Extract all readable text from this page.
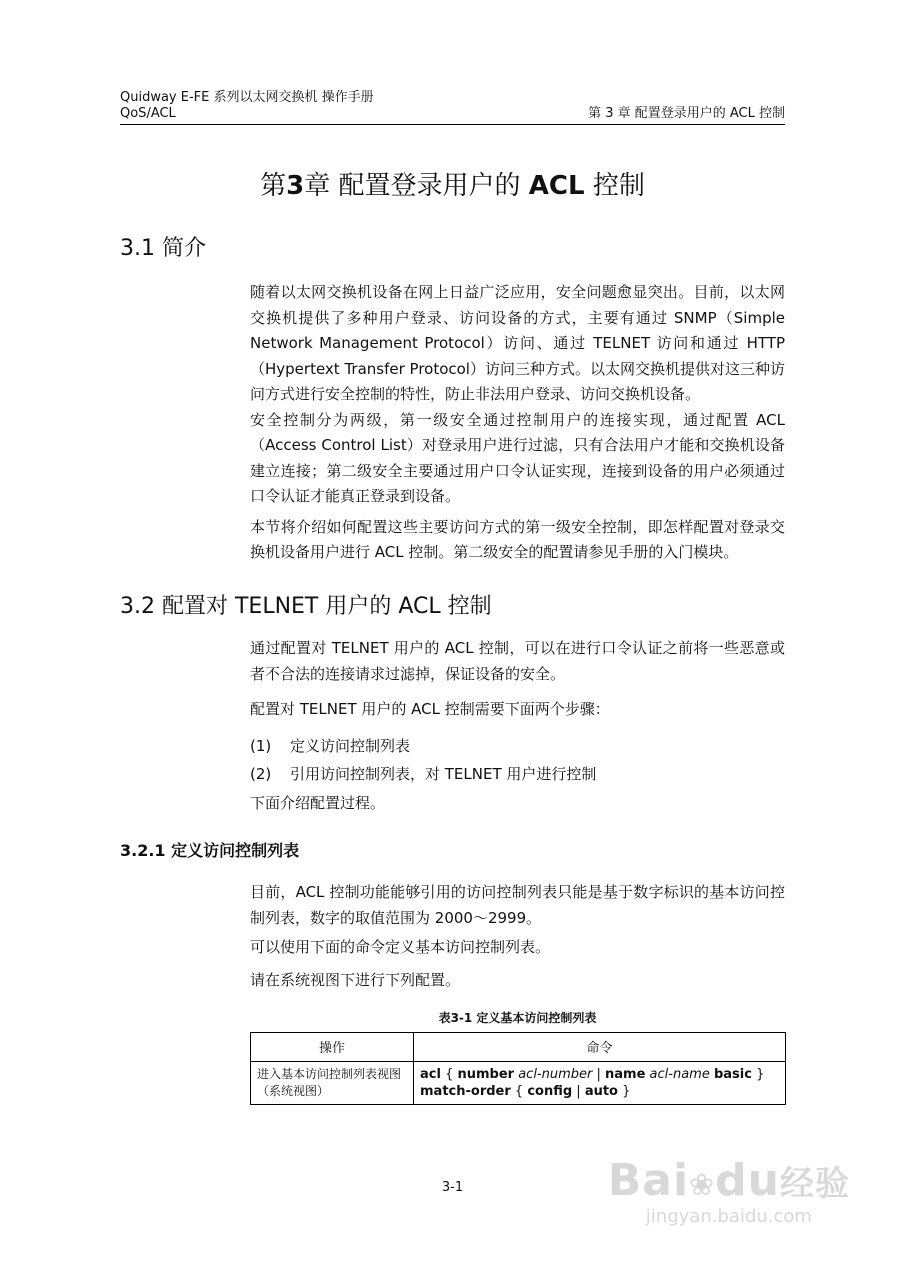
Quidway E-FE 系列以太网交换机 操作手册
QoS/ACL	第 3 章 配置登录用户的 ACL 控制
第3章 配置登录用户的 ACL 控制
3.1 简介

随着以太网交换机设备在网上日益广泛应用，安全问题愈显突出。目前，以太网交换机提供了多种用户登录、访问设备的方式，主要有通过 SNMP（Simple Network Management Protocol）访问、通过 TELNET 访问和通过 HTTP（Hypertext Transfer Protocol）访问三种方式。以太网交换机提供对这三种访问方式进行安全控制的特性，防止非法用户登录、访问交换机设备。

安全控制分为两级，第一级安全通过控制用户的连接实现，通过配置 ACL（Access Control List）对登录用户进行过滤，只有合法用户才能和交换机设备建立连接；第二级安全主要通过用户口令认证实现，连接到设备的用户必须通过口令认证才能真正登录到设备。

本节将介绍如何配置这些主要访问方式的第一级安全控制，即怎样配置对登录交换机设备用户进行 ACL 控制。第二级安全的配置请参见手册的入门模块。

3.2 配置对 TELNET 用户的 ACL 控制
通过配置对 TELNET 用户的 ACL 控制，可以在进行口令认证之前将一些恶意或者不合法的连接请求过滤掉，保证设备的安全。
配置对 TELNET 用户的 ACL 控制需要下面两个步骤：
(1) 定义访问控制列表
(2) 引用访问控制列表，对 TELNET 用户进行控制
下面介绍配置过程。
3.2.1 定义访问控制列表
目前，ACL 控制功能能够引用的访问控制列表只能是基于数字标识的基本访问控制列表，数字的取值范围为 2000～2999。
可以使用下面的命令定义基本访问控制列表。
请在系统视图下进行下列配置。
表3-1 定义基本访问控制列表
操作	命令
进入基本访问控制列表视图（系统视图）	acl { number acl-number | name acl-name basic }
match-order { config | auto }
3-1	Bai❀du经验
jingyan.baidu.com
